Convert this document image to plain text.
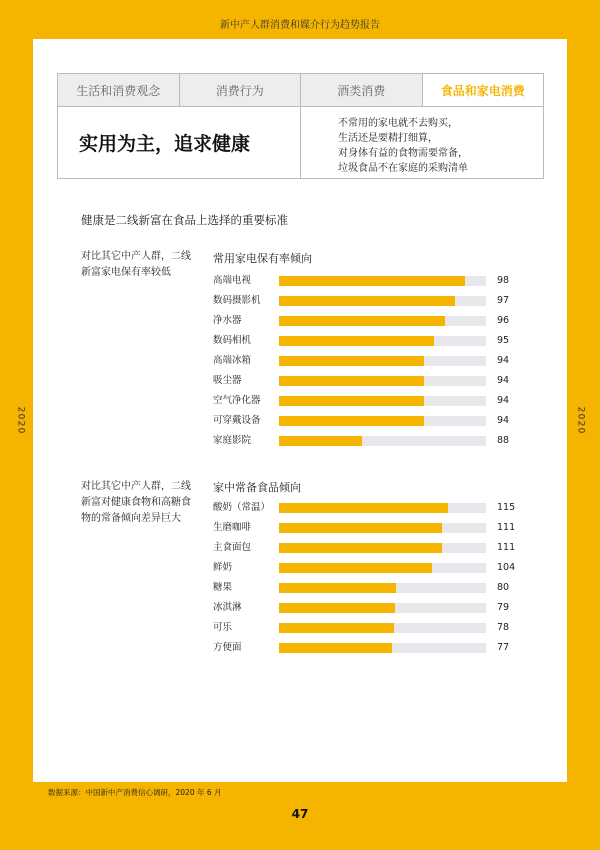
新中产人群消费和媒介行为趋势报告
2
0
2
0
2
0
2
0
生活和消费观念	消费行为	酒类消费	食品和家电消费
实用为主，追求健康
不常用的家电就不去购买，
生活还是要精打细算，
对身体有益的食物需要常备，
垃圾食品不在家庭的采购清单
健康是二线新富在食品上选择的重要标准
对比其它中产人群，二线
新富家电保有率较低
常用家电保有率倾向
高端电视	98
数码摄影机	97
净水器	96
数码相机	95
高端冰箱	94
吸尘器	94
空气净化器	94
可穿戴设备	94
家庭影院	88
对比其它中产人群，二线
新富对健康食物和高糖食
物的常备倾向差异巨大
家中常备食品倾向
酸奶（常温）	115
生磨咖啡	111
主食面包	111
鲜奶	104
糖果	80
冰淇淋	79
可乐	78
方便面	77
数据来源：中国新中产消费信心调研，2020 年 6 月
47
